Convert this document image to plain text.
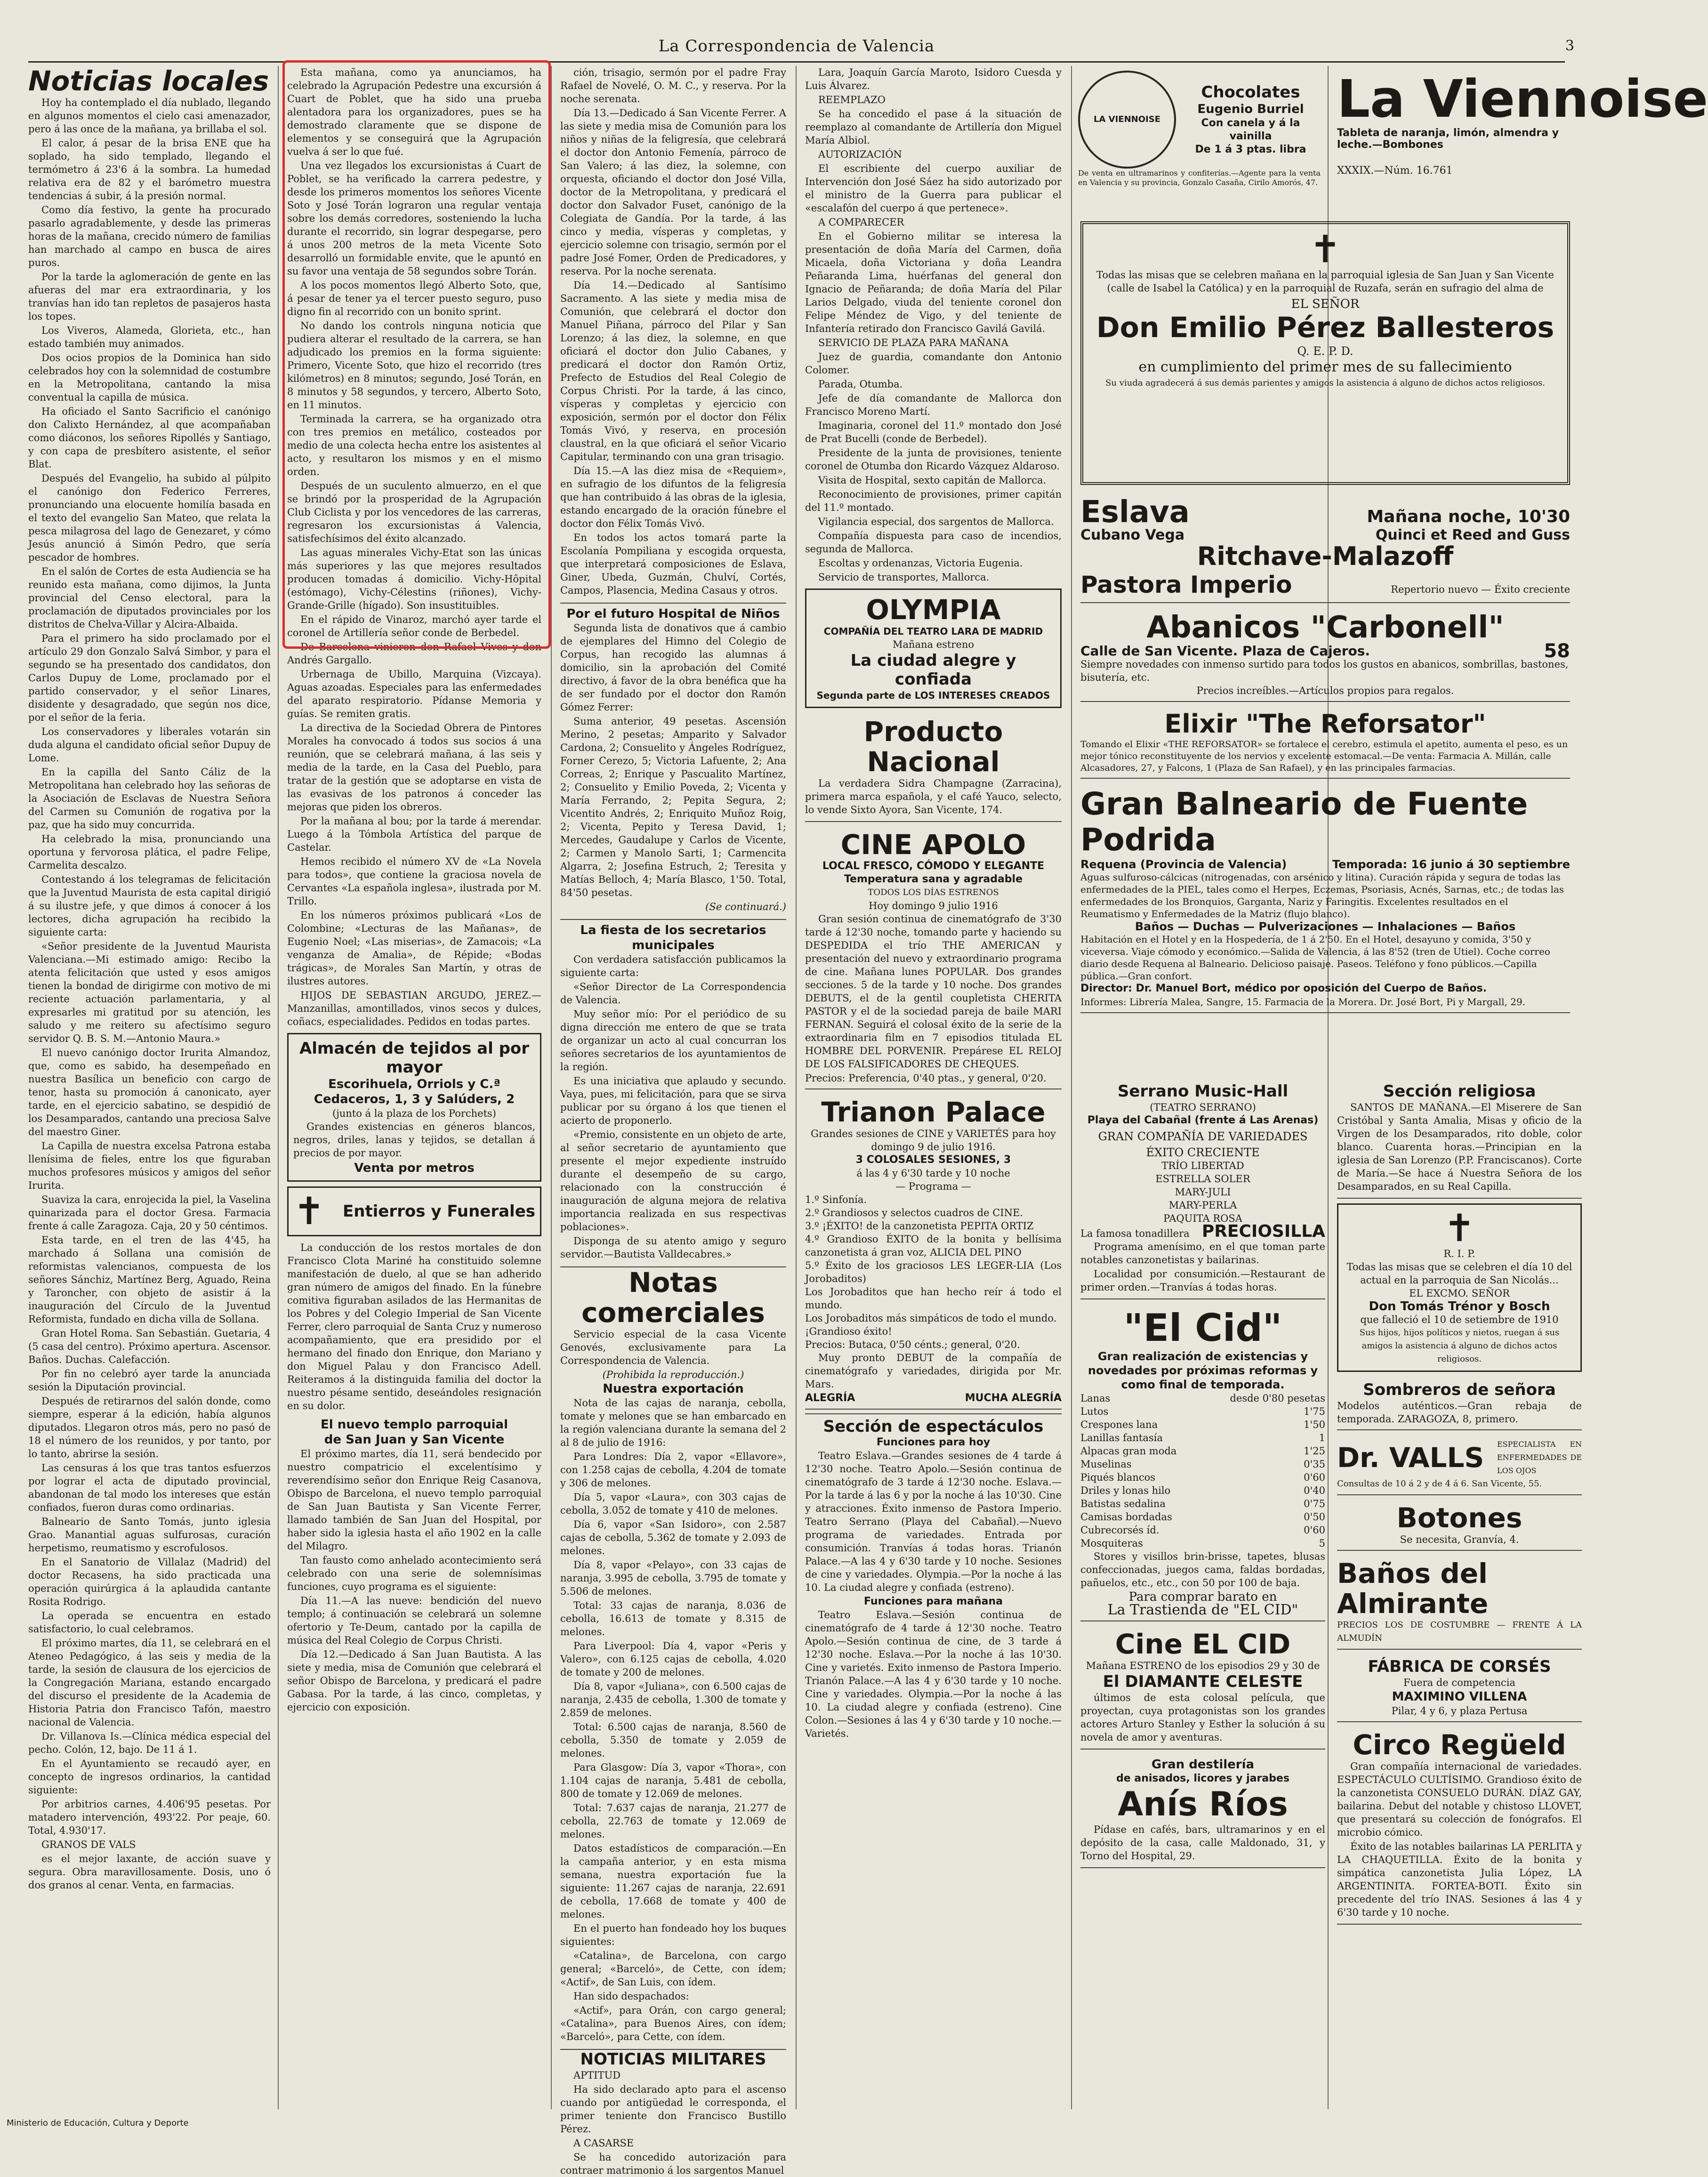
La Correspondencia de Valencia	3
Noticias locales

Hoy ha contemplado el día nublado, llegando en algunos momentos el cielo casi amenazador, pero á las once de la mañana, ya brillaba el sol.

El calor, á pesar de la brisa ENE que ha soplado, ha sido templado, llegando el termómetro á 23'6 á la sombra. La humedad relativa era de 82 y el barómetro muestra tendencias á subir, á la presión normal.

Como día festivo, la gente ha procurado pasarlo agradablemente, y desde las primeras horas de la mañana, crecido número de familias han marchado al campo en busca de aires puros.

Por la tarde la aglomeración de gente en las afueras del mar era extraordinaria, y los tranvías han ido tan repletos de pasajeros hasta los topes.

Los Viveros, Alameda, Glorieta, etc., han estado también muy animados.

Dos ocios propios de la Dominica han sido celebrados hoy con la solemnidad de costumbre en la Metropolitana, cantando la misa conventual la capilla de música.

Ha oficiado el Santo Sacrificio el canónigo don Calixto Hernández, al que acompañaban como diáconos, los señores Ripollés y Santiago, y con capa de presbítero asistente, el señor Blat.

Después del Evangelio, ha subido al púlpito el canónigo don Federico Ferreres, pronunciando una elocuente homilía basada en el texto del evangelio San Mateo, que relata la pesca milagrosa del lago de Genezaret, y cómo Jesús anunció á Simón Pedro, que sería pescador de hombres.

En el salón de Cortes de esta Audiencia se ha reunido esta mañana, como dijimos, la Junta provincial del Censo electoral, para la proclamación de diputados provinciales por los distritos de Chelva-Villar y Alcira-Albaida.

Para el primero ha sido proclamado por el artículo 29 don Gonzalo Salvá Simbor, y para el segundo se ha presentado dos candidatos, don Carlos Dupuy de Lome, proclamado por el partido conservador, y el señor Linares, disidente y desagradado, que según nos dice, por el señor de la feria.

Los conservadores y liberales votarán sin duda alguna el candidato oficial señor Dupuy de Lome.

En la capilla del Santo Cáliz de la Metropolitana han celebrado hoy las señoras de la Asociación de Esclavas de Nuestra Señora del Carmen su Comunión de rogativa por la paz, que ha sido muy concurrida.

Ha celebrado la misa, pronunciando una oportuna y fervorosa plática, el padre Felipe, Carmelita descalzo.

Contestando á los telegramas de felicitación que la Juventud Maurista de esta capital dirigió á su ilustre jefe, y que dimos á conocer á los lectores, dicha agrupación ha recibido la siguiente carta:

«Señor presidente de la Juventud Maurista Valenciana.—Mi estimado amigo: Recibo la atenta felicitación que usted y esos amigos tienen la bondad de dirigirme con motivo de mi reciente actuación parlamentaria, y al expresarles mi gratitud por su atención, les saludo y me reitero su afectísimo seguro servidor Q. B. S. M.—Antonio Maura.»

El nuevo canónigo doctor Irurita Almandoz, que, como es sabido, ha desempeñado en nuestra Basílica un beneficio con cargo de tenor, hasta su promoción á canonicato, ayer tarde, en el ejercicio sabatino, se despidió de los Desamparados, cantando una preciosa Salve del maestro Giner.

La Capilla de nuestra excelsa Patrona estaba llenísima de fieles, entre los que figuraban muchos profesores músicos y amigos del señor Irurita.

Suaviza la cara, enrojecida la piel, la Vaselina quinarizada para el doctor Gresa. Farmacia frente á calle Zaragoza. Caja, 20 y 50 céntimos.

Esta tarde, en el tren de las 4'45, ha marchado á Sollana una comisión de reformistas valencianos, compuesta de los señores Sánchiz, Martínez Berg, Aguado, Reina y Taroncher, con objeto de asistir á la inauguración del Círculo de la Juventud Reformista, fundado en dicha villa de Sollana.

Gran Hotel Roma. San Sebastián. Guetaria, 4 (5 casa del centro). Próximo apertura. Ascensor. Baños. Duchas. Calefacción.

Por fin no celebró ayer tarde la anunciada sesión la Diputación provincial.

Después de retirarnos del salón donde, como siempre, esperar á la edición, había algunos diputados. Llegaron otros más, pero no pasó de 18 el número de los reunidos, y por tanto, por lo tanto, abrirse la sesión.

Las censuras á los que tras tantos esfuerzos por lograr el acta de diputado provincial, abandonan de tal modo los intereses que están confiados, fueron duras como ordinarias.

Balneario de Santo Tomás, junto iglesia Grao. Manantial aguas sulfurosas, curación herpetismo, reumatismo y escrofulosos.

En el Sanatorio de Villalaz (Madrid) del doctor Recasens, ha sido practicada una operación quirúrgica á la aplaudida cantante Rosita Rodrigo.

La operada se encuentra en estado satisfactorio, lo cual celebramos.

El próximo martes, día 11, se celebrará en el Ateneo Pedagógico, á las seis y media de la tarde, la sesión de clausura de los ejercicios de la Congregación Mariana, estando encargado del discurso el presidente de la Academia de Historia Patria don Francisco Tafón, maestro nacional de Valencia.

Dr. Villanova Is.—Clínica médica especial del pecho. Colón, 12, bajo. De 11 á 1.

En el Ayuntamiento se recaudó ayer, en concepto de ingresos ordinarios, la cantidad siguiente:

Por arbitrios carnes, 4.406'95 pesetas. Por matadero intervención, 493'22. Por peaje, 60. Total, 4.930'17.

GRANOS DE VALS

es el mejor laxante, de acción suave y segura. Obra maravillosamente. Dosis, uno ó dos granos al cenar. Venta, en farmacias.

Esta mañana, como ya anunciamos, ha celebrado la Agrupación Pedestre una excursión á Cuart de Poblet, que ha sido una prueba alentadora para los organizadores, pues se ha demostrado claramente que se dispone de elementos y se conseguirá que la Agrupación vuelva á ser lo que fué.

Una vez llegados los excursionistas á Cuart de Poblet, se ha verificado la carrera pedestre, y desde los primeros momentos los señores Vicente Soto y José Torán lograron una regular ventaja sobre los demás corredores, sosteniendo la lucha durante el recorrido, sin lograr despegarse, pero á unos 200 metros de la meta Vicente Soto desarrolló un formidable envite, que le apuntó en su favor una ventaja de 58 segundos sobre Torán.

A los pocos momentos llegó Alberto Soto, que, á pesar de tener ya el tercer puesto seguro, puso digno fin al recorrido con un bonito sprint.

No dando los controls ninguna noticia que pudiera alterar el resultado de la carrera, se han adjudicado los premios en la forma siguiente: Primero, Vicente Soto, que hizo el recorrido (tres kilómetros) en 8 minutos; segundo, José Torán, en 8 minutos y 58 segundos, y tercero, Alberto Soto, en 11 minutos.

Terminada la carrera, se ha organizado otra con tres premios en metálico, costeados por medio de una colecta hecha entre los asistentes al acto, y resultaron los mismos y en el mismo orden.

Después de un suculento almuerzo, en el que se brindó por la prosperidad de la Agrupación Club Ciclista y por los vencedores de las carreras, regresaron los excursionistas á Valencia, satisfechísimos del éxito alcanzado.

Las aguas minerales Vichy-Etat son las únicas más superiores y las que mejores resultados producen tomadas á domicilio. Vichy-Hôpital (estómago), Vichy-Célestins (riñones), Vichy-Grande-Grille (hígado). Son insustituibles.

En el rápido de Vinaroz, marchó ayer tarde el coronel de Artillería señor conde de Berbedel.

De Barcelona vinieron don Rafael Vives y don Andrés Gargallo.

Urbernaga de Ubillo, Marquina (Vizcaya). Aguas azoadas. Especiales para las enfermedades del aparato respiratorio. Pídanse Memoria y guías. Se remiten gratis.

La directiva de la Sociedad Obrera de Pintores Morales ha convocado á todos sus socios á una reunión, que se celebrará mañana, á las seis y media de la tarde, en la Casa del Pueblo, para tratar de la gestión que se adoptarse en vista de las evasivas de los patronos á conceder las mejoras que piden los obreros.

Por la mañana al bou; por la tarde á merendar. Luego á la Tómbola Artística del parque de Castelar.

Hemos recibido el número XV de «La Novela para todos», que contiene la graciosa novela de Cervantes «La española inglesa», ilustrada por M. Trillo.

En los números próximos publicará «Los de Colombine; «Lecturas de las Mañanas», de Eugenio Noel; «Las miserias», de Zamacois; «La venganza de Amalia», de Répide; «Bodas trágicas», de Morales San Martín, y otras de ilustres autores.

HIJOS DE SEBASTIAN ARGUDO, JEREZ.—Manzanillas, amontillados, vinos secos y dulces, coñacs, especialidades. Pedidos en todas partes.

Almacén de tejidos al por mayor
Escorihuela, Orriols y C.ª
Cedaceros, 1, 3 y Salúders, 2
(junto á la plaza de los Porchets)

Grandes existencias en géneros blancos, negros, driles, lanas y tejidos, se detallan á precios de por mayor.

Venta por metros
✝ Entierros y Funerales

La conducción de los restos mortales de don Francisco Clota Mariné ha constituido solemne manifestación de duelo, al que se han adherido gran número de amigos del finado. En la fúnebre comitiva figuraban asilados de las Hermanitas de los Pobres y del Colegio Imperial de San Vicente Ferrer, clero parroquial de Santa Cruz y numeroso acompañamiento, que era presidido por el hermano del finado don Enrique, don Mariano y don Miguel Palau y don Francisco Adell. Reiteramos á la distinguida familia del doctor la nuestro pésame sentido, deseándoles resignación en su dolor.

El nuevo templo parroquial
de San Juan y San Vicente

El próximo martes, día 11, será bendecido por nuestro compatricio el excelentísimo y reverendísimo señor don Enrique Reig Casanova, Obispo de Barcelona, el nuevo templo parroquial de San Juan Bautista y San Vicente Ferrer, llamado también de San Juan del Hospital, por haber sido la iglesia hasta el año 1902 en la calle del Milagro.

Tan fausto como anhelado acontecimiento será celebrado con una serie de solemnísimas funciones, cuyo programa es el siguiente:

Día 11.—A las nueve: bendición del nuevo templo; á continuación se celebrará un solemne ofertorio y Te-Deum, cantado por la capilla de música del Real Colegio de Corpus Christi.

Día 12.—Dedicado á San Juan Bautista. A las siete y media, misa de Comunión que celebrará el señor Obispo de Barcelona, y predicará el padre Gabasa. Por la tarde, á las cinco, completas, y ejercicio con exposición.

ción, trisagio, sermón por el padre Fray Rafael de Novelé, O. M. C., y reserva. Por la noche serenata.

Día 13.—Dedicado á San Vicente Ferrer. A las siete y media misa de Comunión para los niños y niñas de la feligresía, que celebrará el doctor don Antonio Femenía, párroco de San Valero; á las diez, la solemne, con orquesta, oficiando el doctor don José Villa, doctor de la Metropolitana, y predicará el doctor don Salvador Fuset, canónigo de la Colegiata de Gandía. Por la tarde, á las cinco y media, vísperas y completas, y ejercicio solemne con trisagio, sermón por el padre José Fomer, Orden de Predicadores, y reserva. Por la noche serenata.

Día 14.—Dedicado al Santísimo Sacramento. A las siete y media misa de Comunión, que celebrará el doctor don Manuel Piñana, párroco del Pilar y San Lorenzo; á las diez, la solemne, en que oficiará el doctor don Julio Cabanes, y predicará el doctor don Ramón Ortiz, Prefecto de Estudios del Real Colegio de Corpus Christi. Por la tarde, á las cinco, vísperas y completas y ejercicio con exposición, sermón por el doctor don Félix Tomás Vivó, y reserva, en procesión claustral, en la que oficiará el señor Vicario Capitular, terminando con una gran trisagio.

Día 15.—A las diez misa de «Requiem», en sufragio de los difuntos de la feligresía que han contribuido á las obras de la iglesia, estando encargado de la oración fúnebre el doctor don Félix Tomás Vivó.

En todos los actos tomará parte la Escolanía Pompiliana y escogida orquesta, que interpretará composiciones de Eslava, Giner, Ubeda, Guzmán, Chulví, Cortés, Campos, Plasencia, Medina Casaus y otros.

Por el futuro Hospital de Niños

Segunda lista de donativos que á cambio de ejemplares del Himno del Colegio de Corpus, han recogido las alumnas á domicilio, sin la aprobación del Comité directivo, á favor de la obra benéfica que ha de ser fundado por el doctor don Ramón Gómez Ferrer:

Suma anterior, 49 pesetas. Ascensión Merino, 2 pesetas; Amparito y Salvador Cardona, 2; Consuelito y Ángeles Rodríguez, Forner Cerezo, 5; Victoria Lafuente, 2; Ana Correas, 2; Enrique y Pascualito Martínez, 2; Consuelito y Emilio Poveda, 2; Vicenta y María Ferrando, 2; Pepita Segura, 2; Vicentito Andrés, 2; Enriquito Muñoz Roig, 2; Vicenta, Pepito y Teresa David, 1; Mercedes, Gaudalupe y Carlos de Vicente, 2; Carmen y Manolo Sarti, 1; Carmencita Algarra, 2; Josefina Estruch, 2; Teresita y Matías Belloch, 4; María Blasco, 1'50. Total, 84'50 pesetas.

(Se continuará.)
La fiesta de los secretarios municipales

Con verdadera satisfacción publicamos la siguiente carta:

«Señor Director de La Correspondencia de Valencia.

Muy señor mío: Por el periódico de su digna dirección me entero de que se trata de organizar un acto al cual concurran los señores secretarios de los ayuntamientos de la región.

Es una iniciativa que aplaudo y secundo. Vaya, pues, mi felicitación, para que se sirva publicar por su órgano á los que tienen el acierto de proponerlo.

«Premio, consistente en un objeto de arte, al señor secretario de ayuntamiento que presente el mejor expediente instruído durante el desempeño de su cargo, relacionado con la construcción é inauguración de alguna mejora de relativa importancia realizada en sus respectivas poblaciones».

Disponga de su atento amigo y seguro servidor.—Bautista Valldecabres.»

Notas comerciales

Servicio especial de la casa Vicente Genovés, exclusivamente para La Correspondencia de Valencia.

(Prohibida la reproducción.)
Nuestra exportación

Nota de las cajas de naranja, cebolla, tomate y melones que se han embarcado en la región valenciana durante la semana del 2 al 8 de julio de 1916:

Para Londres: Día 2, vapor «Ellavore», con 1.258 cajas de cebolla, 4.204 de tomate y 306 de melones.

Día 5, vapor «Laura», con 303 cajas de cebolla, 3.052 de tomate y 410 de melones.

Día 6, vapor «San Isidoro», con 2.587 cajas de cebolla, 5.362 de tomate y 2.093 de melones.

Día 8, vapor «Pelayo», con 33 cajas de naranja, 3.995 de cebolla, 3.795 de tomate y 5.506 de melones.

Total: 33 cajas de naranja, 8.036 de cebolla, 16.613 de tomate y 8.315 de melones.

Para Liverpool: Día 4, vapor «Peris y Valero», con 6.125 cajas de cebolla, 4.020 de tomate y 200 de melones.

Día 8, vapor «Juliana», con 6.500 cajas de naranja, 2.435 de cebolla, 1.300 de tomate y 2.859 de melones.

Total: 6.500 cajas de naranja, 8.560 de cebolla, 5.350 de tomate y 2.059 de melones.

Para Glasgow: Día 3, vapor «Thora», con 1.104 cajas de naranja, 5.481 de cebolla, 800 de tomate y 12.069 de melones.

Total: 7.637 cajas de naranja, 21.277 de cebolla, 22.763 de tomate y 12.069 de melones.

Datos estadísticos de comparación.—En la campaña anterior, y en esta misma semana, nuestra exportación fue la siguiente: 11.267 cajas de naranja, 22.691 de cebolla, 17.668 de tomate y 400 de melones.

En el puerto han fondeado hoy los buques siguientes:

«Catalina», de Barcelona, con cargo general; «Barceló», de Cette, con ídem; «Actif», de San Luis, con ídem.

Han sido despachados:

«Actif», para Orán, con cargo general; «Catalina», para Buenos Aires, con ídem; «Barceló», para Cette, con ídem.

NOTICIAS MILITARES

APTITUD

Ha sido declarado apto para el ascenso cuando por antigüedad le corresponda, el primer teniente don Francisco Bustillo Pérez.

A CASARSE

Se ha concedido autorización para contraer matrimonio á los sargentos Manuel

Lara, Joaquín García Maroto, Isidoro Cuesda y Luis Álvarez.

REEMPLAZO

Se ha concedido el pase á la situación de reemplazo al comandante de Artillería don Miguel María Albiol.

AUTORIZACIÓN

El escribiente del cuerpo auxiliar de Intervención don José Sáez ha sido autorizado por el ministro de la Guerra para publicar el «escalafón del cuerpo á que pertenece».

A COMPARECER

En el Gobierno militar se interesa la presentación de doña María del Carmen, doña Micaela, doña Victoriana y doña Leandra Peñaranda Lima, huérfanas del general don Ignacio de Peñaranda; de doña María del Pilar Larios Delgado, viuda del teniente coronel don Felipe Méndez de Vigo, y del teniente de Infantería retirado don Francisco Gavilá Gavilá.

SERVICIO DE PLAZA PARA MAÑANA

Juez de guardia, comandante don Antonio Colomer.

Parada, Otumba.

Jefe de día comandante de Mallorca don Francisco Moreno Martí.

Imaginaria, coronel del 11.º montado don José de Prat Bucelli (conde de Berbedel).

Presidente de la junta de provisiones, teniente coronel de Otumba don Ricardo Vázquez Aldaroso.

Visita de Hospital, sexto capitán de Mallorca.

Reconocimiento de provisiones, primer capitán del 11.º montado.

Vigilancia especial, dos sargentos de Mallorca.

Compañía dispuesta para caso de incendios, segunda de Mallorca.

Escoltas y ordenanzas, Victoria Eugenia.

Servicio de transportes, Mallorca.

OLYMPIA
COMPAÑÍA DEL TEATRO LARA DE MADRID
Mañana estreno
La ciudad alegre y confiada
Segunda parte de LOS INTERESES CREADOS
Producto Nacional

La verdadera Sidra Champagne (Zarracina), primera marca española, y el café Yauco, selecto, lo vende Sixto Ayora, San Vicente, 174.

CINE APOLO
LOCAL FRESCO, CÓMODO Y ELEGANTE
Temperatura sana y agradable
TODOS LOS DÍAS ESTRENOS
Hoy domingo 9 julio 1916

Gran sesión continua de cinematógrafo de 3'30 tarde á 12'30 noche, tomando parte y haciendo su DESPEDIDA el trío THE AMERICAN y presentación del nuevo y extraordinario programa de cine. Mañana lunes POPULAR. Dos grandes secciones. 5 de la tarde y 10 noche. Dos grandes DEBUTS, el de la gentil coupletista CHERITA PASTOR y el de la sociedad pareja de baile MARI FERNAN. Seguirá el colosal éxito de la serie de la extraordinaria film en 7 episodios titulada EL HOMBRE DEL PORVENIR. Prepárese EL RELOJ DE LOS FALSIFICADORES DE CHEQUES.

Precios: Preferencia, 0'40 ptas., y general, 0'20.
Trianon Palace
Grandes sesiones de CINE y VARIETÉS para hoy domingo 9 de julio 1916.
3 COLOSALES SESIONES, 3
á las 4 y 6'30 tarde y 10 noche
— Programa —
1.º Sinfonía.
2.º Grandiosos y selectos cuadros de CINE.
3.º ¡ÉXITO! de la canzonetista PEPITA ORTIZ
4.º Grandioso ÉXITO de la bonita y bellísima canzonetista á gran voz, ALICIA DEL PINO
5.º Éxito de los graciosos LES LEGER-LIA (Los Jorobaditos)
Los Jorobaditos que han hecho reír á todo el mundo.
Los Jorobaditos más simpáticos de todo el mundo.
¡Grandioso éxito!
Precios: Butaca, 0'50 cénts.; general, 0'20.

Muy pronto DEBUT de la compañía de cinematógrafo y variedades, dirigida por Mr. Mars.

ALEGRÍA	MUCHA ALEGRÍA
Sección de espectáculos
Funciones para hoy

Teatro Eslava.—Grandes sesiones de 4 tarde á 12'30 noche. Teatro Apolo.—Sesión continua de cinematógrafo de 3 tarde á 12'30 noche. Eslava.—Por la tarde á las 6 y por la noche á las 10'30. Cine y atracciones. Éxito inmenso de Pastora Imperio. Teatro Serrano (Playa del Cabañal).—Nuevo programa de variedades. Entrada por consumición. Tranvías á todas horas. Trianón Palace.—A las 4 y 6'30 tarde y 10 noche. Sesiones de cine y variedades. Olympia.—Por la noche á las 10. La ciudad alegre y confiada (estreno).

Funciones para mañana

Teatro Eslava.—Sesión continua de cinematógrafo de 4 tarde á 12'30 noche. Teatro Apolo.—Sesión continua de cine, de 3 tarde á 12'30 noche. Eslava.—Por la noche á las 10'30. Cine y varietés. Exito inmenso de Pastora Imperio. Trianón Palace.—A las 4 y 6'30 tarde y 10 noche. Cine y variedades. Olympia.—Por la noche á las 10. La ciudad alegre y confiada (estreno). Cine Colon.—Sesiones á las 4 y 6'30 tarde y 10 noche.—Varietés.

LA VIENNOISE
Chocolates
Eugenio Burriel
Con canela y á la vainilla
De 1 á 3 ptas. libra
De venta en ultramarinos y confiterías.—Agente para la venta en Valencia y su provincia, Gonzalo Casaña, Cirilo Amorós, 47.
✝
Todas las misas que se celebren mañana en la parroquial iglesia de San Juan y San Vicente (calle de Isabel la Católica) y en la parroquial de Ruzafa, serán en sufragio del alma de
EL SEÑOR
Don Emilio Pérez Ballesteros
Q. E. P. D.
en cumplimiento del primer mes de su fallecimiento
Su viuda agradecerá á sus demás parientes y amigos la asistencia á alguno de dichos actos religiosos.
Eslava	Mañana noche, 10'30
Cubano Vega	Quinci et Reed and Guss
Ritchave-Malazoff
Pastora Imperio	Repertorio nuevo — Éxito creciente
Abanicos "Carbonell"
Calle de San Vicente. Plaza de Cajeros.	58
Siempre novedades con inmenso surtido para todos los gustos en abanicos, sombrillas, bastones, bisutería, etc.
Precios increíbles.—Artículos propios para regalos.
Elixir "The Reforsator"
Tomando el Elixir «THE REFORSATOR» se fortalece el cerebro, estimula el apetito, aumenta el peso, es un mejor tónico reconstituyente de los nervios y excelente estomacal.—De venta: Farmacia A. Millán, calle Alcasadores, 27, y Falcons, 1 (Plaza de San Rafael), y en las principales farmacias.
Gran Balneario de Fuente Podrida
Requena (Provincia de Valencia)	Temporada: 16 junio á 30 septiembre
Aguas sulfuroso-cálcicas (nitrogenadas, con arsénico y litina). Curación rápida y segura de todas las enfermedades de la PIEL, tales como el Herpes, Eczemas, Psoriasis, Acnés, Sarnas, etc.; de todas las enfermedades de los Bronquios, Garganta, Nariz y Faringitis. Excelentes resultados en el Reumatismo y Enfermedades de la Matriz (flujo blanco).
Baños — Duchas — Pulverizaciones — Inhalaciones — Baños
Habitación en el Hotel y en la Hospedería, de 1 á 2'50. En el Hotel, desayuno y comida, 3'50 y viceversa. Viaje cómodo y económico.—Salida de Valencia, á las 8'52 (tren de Utiel). Coche correo diario desde Requena al Balneario. Delicioso paisaje. Paseos. Teléfono y fono públicos.—Capilla pública.—Gran confort.
Director: Dr. Manuel Bort, médico por oposición del Cuerpo de Baños.
Informes: Librería Malea, Sangre, 15. Farmacia de la Morera. Dr. José Bort, Pi y Margall, 29.
Serrano Music-Hall
(TEATRO SERRANO)
Playa del Cabañal (frente á Las Arenas)
GRAN COMPAÑÍA DE VARIEDADES
ÉXITO CRECIENTE
TRÍO LIBERTAD
ESTRELLA SOLER
MARY-JULI
MARY-PERLA
PAQUITA ROSA
La famosa tonadillera PRECIOSILLA

Programa amenísimo, en el que toman parte notables canzonetistas y bailarinas.

Localidad por consumición.—Restaurant de primer orden.—Tranvías á todas horas.

"El Cid"
Gran realización de existencias y novedades por próximas reformas y como final de temporada.
Lanas	desde 0'80 pesetas
Lutos	1'75
Crespones lana	1'50
Lanillas fantasía	1
Alpacas gran moda	1'25
Muselinas	0'35
Piqués blancos	0'60
Driles y lonas hilo	0'40
Batistas sedalina	0'75
Camisas bordadas	0'50
Cubrecorsés íd.	0'60
Mosquiteras	5

Stores y visillos brin-brisse, tapetes, blusas confeccionadas, juegos cama, faldas bordadas, pañuelos, etc., etc., con 50 por 100 de baja.

Para comprar barato en
La Trastienda de "EL CID"
Cine EL CID
Mañana ESTRENO de los episodios 29 y 30 de
El DIAMANTE CELESTE

últimos de esta colosal película, que proyectan, cuya protagonistas son los grandes actores Arturo Stanley y Esther la solución á su novela de amor y aventuras.

Gran destilería
de anisados, licores y jarabes
Anís Ríos

Pídase en cafés, bars, ultramarinos y en el depósito de la casa, calle Maldonado, 31, y Torno del Hospital, 29.

La Viennoise
Tableta de naranja, limón, almendra y leche.—Bombones
XXXIX.—Núm. 16.761
Sección religiosa

SANTOS DE MAÑANA.—El Miserere de San Cristóbal y Santa Amalia, Misas y oficio de la Virgen de los Desamparados, rito doble, color blanco. Cuarenta horas.—Principian en la iglesia de San Lorenzo (P.P. Franciscanos). Corte de María.—Se hace á Nuestra Señora de los Desamparados, en su Real Capilla.

✝
R. I. P.
Todas las misas que se celebren el día 10 del actual en la parroquia de San Nicolás...
EL EXCMO. SEÑOR
Don Tomás Trénor y Bosch
que falleció el 10 de setiembre de 1910
Sus hijos, hijos políticos y nietos, ruegan á sus amigos la asistencia á alguno de dichos actos religiosos.
Sombreros de señora
Modelos auténticos.—Gran rebaja de temporada. ZARAGOZA, 8, primero.
Dr. VALLS ESPECIALISTA EN ENFERMEDADES DE LOS OJOS
Consultas de 10 á 2 y de 4 á 6. San Vicente, 55.
Botones
Se necesita, Granvía, 4.
Baños del Almirante
PRECIOS LOS DE COSTUMBRE — FRENTE Á LA ALMUDÍN
FÁBRICA DE CORSÉS
Fuera de competencia
MAXIMINO VILLENA
Pilar, 4 y 6, y plaza Pertusa
Circo Regüeld

Gran compañía internacional de variedades. ESPECTÁCULO CULTÍSIMO. Grandioso éxito de la canzonetista CONSUELO DURÁN. DÍAZ GAY, bailarina. Debut del notable y chistoso LLOVET, que presentará su colección de fonógrafos. El microbio cómico.

Éxito de las notables bailarinas LA PERLITA y LA CHAQUETILLA. Éxito de la bonita y simpática canzonetista Julia López, LA ARGENTINITA. FORTEA-BOTI. Éxito sin precedente del trío INAS. Sesiones á las 4 y 6'30 tarde y 10 noche.

Ministerio de Educación, Cultura y Deporte
